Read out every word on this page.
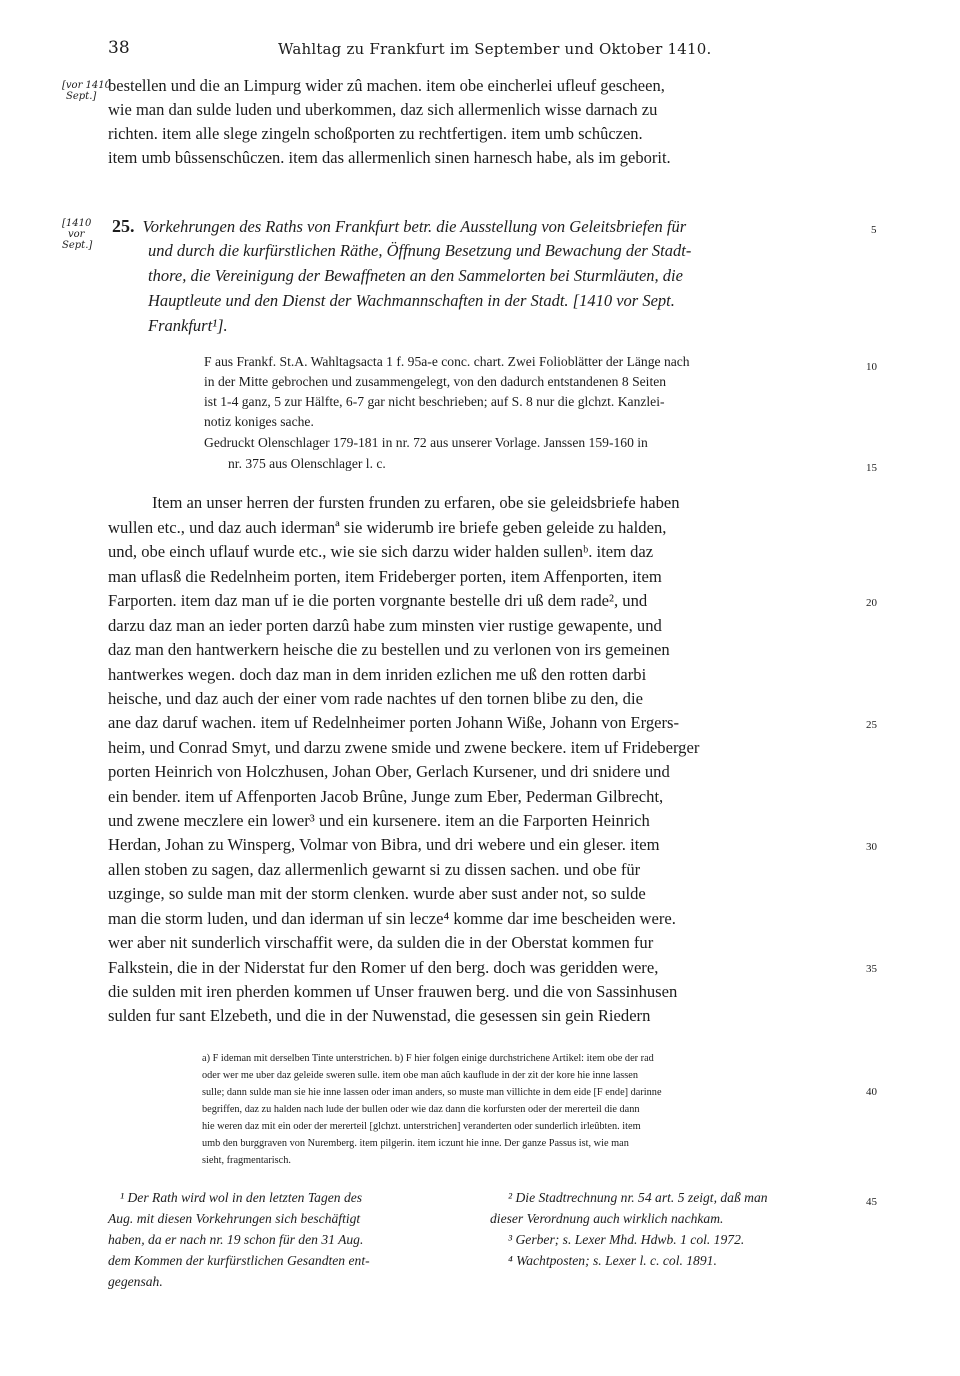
38	Wahltag zu Frankfurt im September und Oktober 1410.
[vor 1410
Sept.]
[1410
vor
Sept.]
5
10
15
20
25
30
35
40
45
bestellen und die an Limpurg wider zû machen. item obe eincherlei ufleuf gescheen,
wie man dan sulde luden und uberkommen, daz sich allermenlich wisse darnach zu
richten. item alle slege zingeln schoßporten zu rechtfertigen. item umb schûczen.
item umb bûssenschûczen. item das allermenlich sinen harnesch habe, als im geborit.
25. Vorkehrungen des Raths von Frankfurt betr. die Ausstellung von Geleitsbriefen für
und durch die kurfürstlichen Räthe, Öffnung Besetzung und Bewachung der Stadt-
thore, die Vereinigung der Bewaffneten an den Sammelorten bei Sturmläuten, die
Hauptleute und den Dienst der Wachmannschaften in der Stadt. [1410 vor Sept.
Frankfurt¹].
F aus Frankf. St.A. Wahltagsacta 1 f. 95a-e conc. chart. Zwei Folioblätter der Länge nach
in der Mitte gebrochen und zusammengelegt, von den dadurch entstandenen 8 Seiten
ist 1-4 ganz, 5 zur Hälfte, 6-7 gar nicht beschrieben; auf S. 8 nur die glchzt. Kanzlei-
notiz koniges sache.
Gedruckt Olenschlager 179-181 in nr. 72 aus unserer Vorlage. Janssen 159-160 in
nr. 375 aus Olenschlager l. c.
Item an unser herren der fursten frunden zu erfaren, obe sie geleidsbriefe haben
wullen etc., und daz auch idermanª sie widerumb ire briefe geben geleide zu halden,
und, obe einch uflauf wurde etc., wie sie sich darzu wider halden sullenᵇ. item daz
man uflasß die Redelnheim porten, item Frideberger porten, item Affenporten, item
Farporten. item daz man uf ie die porten vorgnante bestelle dri uß dem rade², und
darzu daz man an ieder porten darzû habe zum minsten vier rustige gewapente, und
daz man den hantwerkern heische die zu bestellen und zu verlonen von irs gemeinen
hantwerkes wegen. doch daz man in dem inriden ezlichen me uß den rotten darbi
heische, und daz auch der einer vom rade nachtes uf den tornen blibe zu den, die
ane daz daruf wachen. item uf Redelnheimer porten Johann Wiße, Johann von Ergers-
heim, und Conrad Smyt, und darzu zwene smide und zwene beckere. item uf Frideberger
porten Heinrich von Holczhusen, Johan Ober, Gerlach Kursener, und dri snidere und
ein bender. item uf Affenporten Jacob Brûne, Junge zum Eber, Pederman Gilbrecht,
und zwene meczlere ein lower³ und ein kursenere. item an die Farporten Heinrich
Herdan, Johan zu Winsperg, Volmar von Bibra, und dri webere und ein gleser. item
allen stoben zu sagen, daz allermenlich gewarnt si zu dissen sachen. und obe für
uzginge, so sulde man mit der storm clenken. wurde aber sust ander not, so sulde
man die storm luden, und dan iderman uf sin lecze⁴ komme dar ime bescheiden were.
wer aber nit sunderlich virschaffit were, da sulden die in der Oberstat kommen fur
Falkstein, die in der Niderstat fur den Romer uf den berg. doch was geridden were,
die sulden mit iren pherden kommen uf Unser frauwen berg. und die von Sassinhusen
sulden fur sant Elzebeth, und die in der Nuwenstad, die gesessen sin gein Riedern
a) F ideman mit derselben Tinte unterstrichen. b) F hier folgen einige durchstrichene Artikel: item obe der rad
oder wer me uber daz geleide sweren sulle. item obe man aûch kauflude in der zit der kore hie inne lassen
sulle; dann sulde man sie hie inne lassen oder iman anders, so muste man villichte in dem eide [F ende] darinne
begriffen, daz zu halden nach lude der bullen oder wie daz dann die korfursten oder der mererteil die dann
hie weren daz mit ein oder der mererteil [glchzt. unterstrichen] veranderten oder sunderlich irleûbten. item
umb den burggraven von Nuremberg. item pilgerin. item iczunt hie inne. Der ganze Passus ist, wie man
sieht, fragmentarisch.
¹ Der Rath wird wol in den letzten Tagen des
Aug. mit diesen Vorkehrungen sich beschäftigt
haben, da er nach nr. 19 schon für den 31 Aug.
dem Kommen der kurfürstlichen Gesandten ent-
gegensah.
² Die Stadtrechnung nr. 54 art. 5 zeigt, daß man
dieser Verordnung auch wirklich nachkam.
³ Gerber; s. Lexer Mhd. Hdwb. 1 col. 1972.
⁴ Wachtposten; s. Lexer l. c. col. 1891.
